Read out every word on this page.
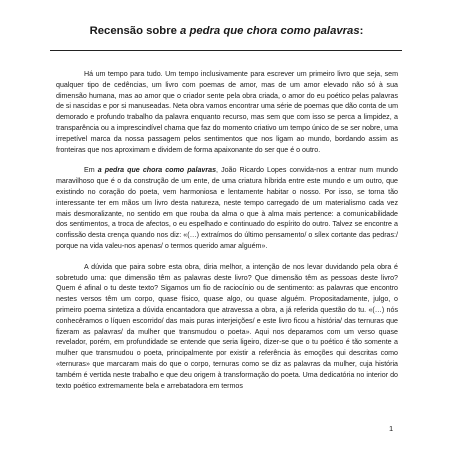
Recensão sobre a pedra que chora como palavras:

Há um tempo para tudo. Um tempo inclusivamente para escrever um primeiro livro que seja, sem qualquer tipo de cedências, um livro com poemas de amor, mas de um amor elevado não só à sua dimensão humana, mas ao amor que o criador sente pela obra criada, o amor do eu poético pelas palavras de si nascidas e por si manuseadas. Neta obra vamos encontrar uma série de poemas que dão conta de um demorado e profundo trabalho da palavra enquanto recurso, mas sem que com isso se perca a limpidez, a transparência ou a imprescindível chama que faz do momento criativo um tempo único de se ser nobre, uma irrepetível marca da nossa passagem pelos sentimentos que nos ligam ao mundo, bordando assim as fronteiras que nos aproximam e dividem de forma apaixonante do ser que é o outro.

Em a pedra que chora como palavras, João Ricardo Lopes convida-nos a entrar num mundo maravilhoso que é o da construção de um ente, de uma criatura híbrida entre este mundo e um outro, que existindo no coração do poeta, vem harmoniosa e lentamente habitar o nosso. Por isso, se torna tão interessante ter em mãos um livro desta natureza, neste tempo carregado de um materialismo cada vez mais desmoralizante, no sentido em que rouba da alma o que à alma mais pertence: a comunicabilidade dos sentimentos, a troca de afectos, o eu espelhado e continuado do espírito do outro. Talvez se encontre a confissão desta crença quando nos diz: «(…) extraímos do último pensamento/ o sílex cortante das pedras:/ porque na vida valeu-nos apenas/ o termos querido amar alguém».

A dúvida que paira sobre esta obra, diria melhor, a intenção de nos levar duvidando pela obra é sobretudo uma: que dimensão têm as palavras deste livro? Que dimensão têm as pessoas deste livro? Quem é afinal o tu deste texto? Sigamos um fio de raciocínio ou de sentimento: as palavras que encontro nestes versos têm um corpo, quase físico, quase algo, ou quase alguém. Propositadamente, julgo, o primeiro poema sintetiza a dúvida encantadora que atravessa a obra, a já referida questão do tu. «(…) nós conhecêramos o líquen escorrido/ das mais puras interjeições/ e este livro ficou a história/ das ternuras que fizeram as palavras/ da mulher que transmudou o poeta». Aqui nos deparamos com um verso quase revelador, porém, em profundidade se entende que seria ligeiro, dizer-se que o tu poético é tão somente a mulher que transmudou o poeta, principalmente por existir a referência às emoções qui descritas como «ternuras» que marcaram mais do que o corpo, ternuras como se diz as palavras da mulher, cuja história também é vertida neste trabalho e que deu origem à transformação do poeta. Uma dedicatória no interior do texto poético extremamente bela e arrebatadora em termos

1
